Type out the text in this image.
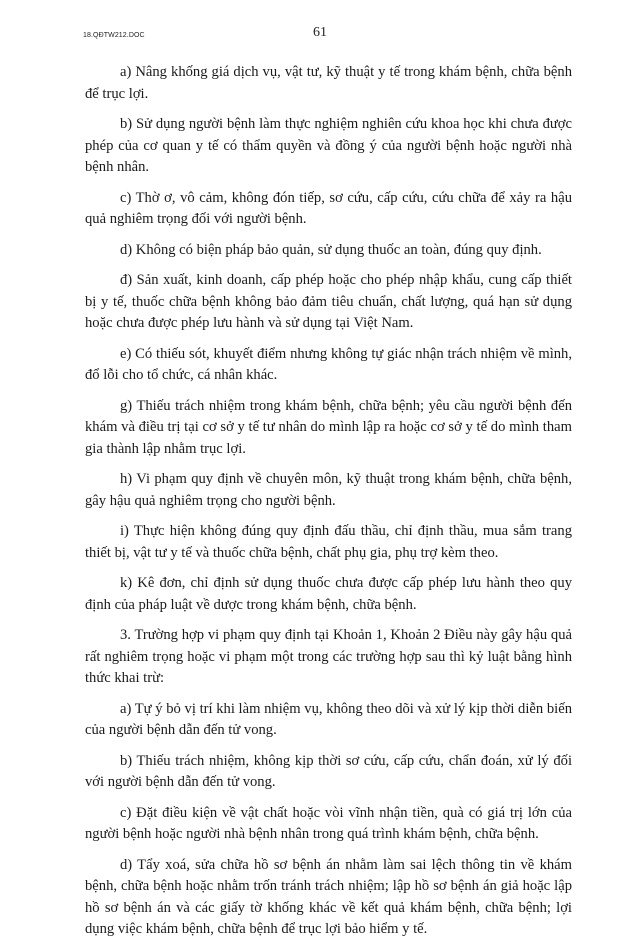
18.QĐTW212.DOC	61

a) Nâng khống giá dịch vụ, vật tư, kỹ thuật y tế trong khám bệnh, chữa bệnh để trục lợi.

b) Sử dụng người bệnh làm thực nghiệm nghiên cứu khoa học khi chưa được phép của cơ quan y tế có thẩm quyền và đồng ý của người bệnh hoặc người nhà bệnh nhân.

c) Thờ ơ, vô cảm, không đón tiếp, sơ cứu, cấp cứu, cứu chữa để xảy ra hậu quả nghiêm trọng đối với người bệnh.

d) Không có biện pháp bảo quản, sử dụng thuốc an toàn, đúng quy định.

đ) Sản xuất, kinh doanh, cấp phép hoặc cho phép nhập khẩu, cung cấp thiết bị y tế, thuốc chữa bệnh không bảo đảm tiêu chuẩn, chất lượng, quá hạn sử dụng hoặc chưa được phép lưu hành và sử dụng tại Việt Nam.

e) Có thiếu sót, khuyết điểm nhưng không tự giác nhận trách nhiệm về mình, đổ lỗi cho tổ chức, cá nhân khác.

g) Thiếu trách nhiệm trong khám bệnh, chữa bệnh; yêu cầu người bệnh đến khám và điều trị tại cơ sở y tế tư nhân do mình lập ra hoặc cơ sở y tế do mình tham gia thành lập nhằm trục lợi.

h) Vi phạm quy định về chuyên môn, kỹ thuật trong khám bệnh, chữa bệnh, gây hậu quả nghiêm trọng cho người bệnh.

i) Thực hiện không đúng quy định đấu thầu, chỉ định thầu, mua sắm trang thiết bị, vật tư y tế và thuốc chữa bệnh, chất phụ gia, phụ trợ kèm theo.

k) Kê đơn, chỉ định sử dụng thuốc chưa được cấp phép lưu hành theo quy định của pháp luật về dược trong khám bệnh, chữa bệnh.

3. Trường hợp vi phạm quy định tại Khoản 1, Khoản 2 Điều này gây hậu quả rất nghiêm trọng hoặc vi phạm một trong các trường hợp sau thì kỷ luật bằng hình thức khai trừ:

a) Tự ý bỏ vị trí khi làm nhiệm vụ, không theo dõi và xử lý kịp thời diễn biến của người bệnh dẫn đến tử vong.

b) Thiếu trách nhiệm, không kịp thời sơ cứu, cấp cứu, chẩn đoán, xử lý đối với người bệnh dẫn đến tử vong.

c) Đặt điều kiện về vật chất hoặc vòi vĩnh nhận tiền, quà có giá trị lớn của người bệnh hoặc người nhà bệnh nhân trong quá trình khám bệnh, chữa bệnh.

d) Tẩy xoá, sửa chữa hồ sơ bệnh án nhằm làm sai lệch thông tin về khám bệnh, chữa bệnh hoặc nhằm trốn tránh trách nhiệm; lập hồ sơ bệnh án giả hoặc lập hồ sơ bệnh án và các giấy tờ khống khác về kết quả khám bệnh, chữa bệnh; lợi dụng việc khám bệnh, chữa bệnh để trục lợi bảo hiểm y tế.
